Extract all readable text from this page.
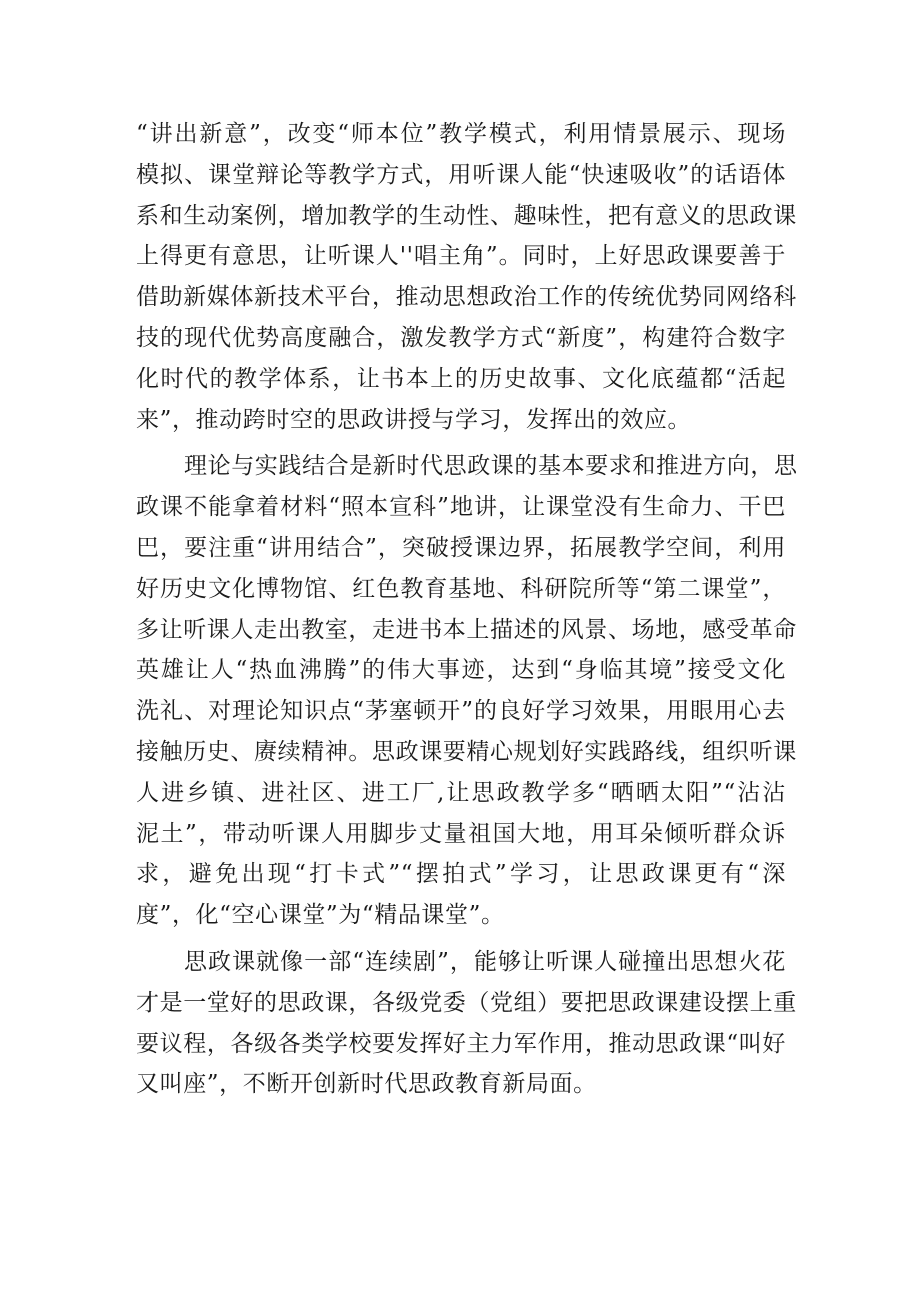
“讲出新意”，改变“师本位”教学模式，利用情景展示、现场
模拟、课堂辩论等教学方式，用听课人能“快速吸收”的话语体
系和生动案例，增加教学的生动性、趣味性，把有意义的思政课
上得更有意思，让听课人''唱主角”。同时，上好思政课要善于
借助新媒体新技术平台，推动思想政治工作的传统优势同网络科
技的现代优势高度融合，激发教学方式“新度”，构建符合数字
化时代的教学体系，让书本上的历史故事、文化底蕴都“活起
来”，推动跨时空的思政讲授与学习，发挥出的效应。
理论与实践结合是新时代思政课的基本要求和推进方向，思
政课不能拿着材料“照本宣科”地讲，让课堂没有生命力、干巴
巴，要注重“讲用结合”，突破授课边界，拓展教学空间，利用
好历史文化博物馆、红色教育基地、科研院所等“第二课堂”，
多让听课人走出教室，走进书本上描述的风景、场地，感受革命
英雄让人“热血沸腾”的伟大事迹，达到“身临其境”接受文化
洗礼、对理论知识点“茅塞顿开”的良好学习效果，用眼用心去
接触历史、赓续精神。思政课要精心规划好实践路线，组织听课
人进乡镇、进社区、进工厂,让思政教学多“晒晒太阳”“沾沾
泥土”，带动听课人用脚步丈量祖国大地，用耳朵倾听群众诉
求，避免出现“打卡式”“摆拍式”学习，让思政课更有“深
度”，化“空心课堂”为“精品课堂”。
思政课就像一部“连续剧”，能够让听课人碰撞出思想火花
才是一堂好的思政课，各级党委（党组）要把思政课建设摆上重
要议程，各级各类学校要发挥好主力军作用，推动思政课“叫好
又叫座”，不断开创新时代思政教育新局面。
